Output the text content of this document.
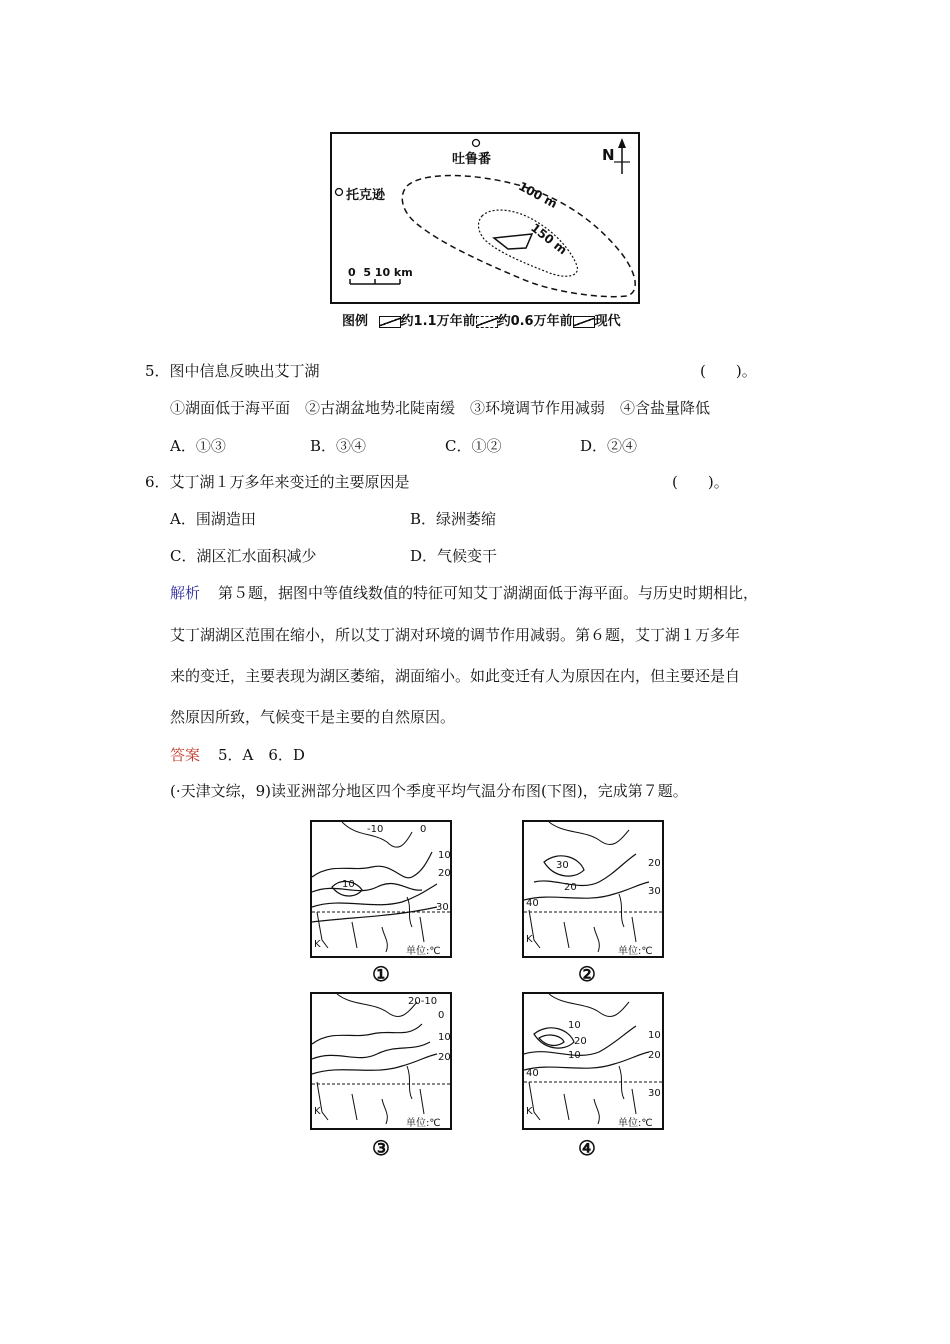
吐鲁番
托克逊
N
100 m
150 m
0  5 10 km
图例	约1.1万年前 约0.6万年前 现代
5．图中信息反映出艾丁湖	(　　)。
①湖面低于海平面　②古湖盆地势北陡南缓　③环境调节作用减弱　④含盐量降低
A．①③	B．③④	C．①②	D．②④
6．艾丁湖１万多年来变迁的主要原因是	(　　)。
A．围湖造田	B．绿洲萎缩
C．湖区汇水面积减少	D．气候变干
解析 第５题，据图中等值线数值的特征可知艾丁湖湖面低于海平面。与历史时期相比，
艾丁湖湖区范围在缩小，所以艾丁湖对环境的调节作用减弱。第６题，艾丁湖１万多年
来的变迁，主要表现为湖区萎缩，湖面缩小。如此变迁有人为原因在内，但主要还是自
然原因所致，气候变干是主要的自然原因。
答案 5．A　6．D
(·天津文综，9)读亚洲部分地区四个季度平均气温分布图(下图)，完成第７题。
-10	0
10
10
20
30
K
单位:℃
①
30
20
20
30
40
K
单位:℃
②
20-10
0
10
20
K
单位:℃
③
10
20
10
10
20
40
30
K
单位:℃
④
